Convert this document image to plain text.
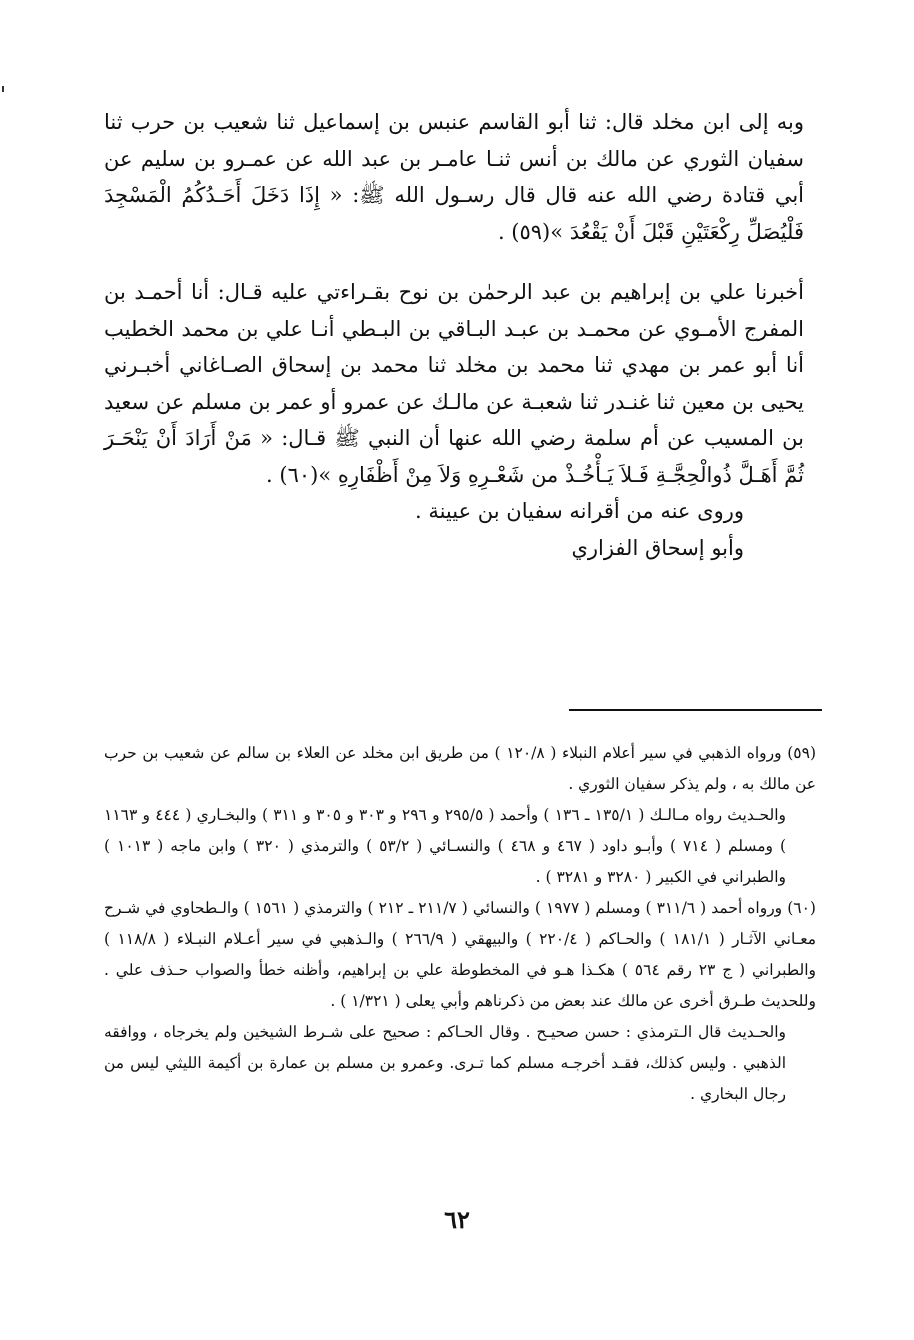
وبه إلى ابن مخلد قال: ثنا أبو القاسم عنبس بن إسماعيل ثنا شعيب بن حرب ثنا سفيان الثوري عن مالك بن أنس ثنـا عامـر بن عبد الله عن عمـرو بن سليم عن أبي قتادة رضي الله عنه قال قال رسـول الله ﷺ: « إِذَا دَخَلَ أَحَـدُكُمُ الْمَسْجِدَ فَلْيُصَلِّ رِكْعَتَيْنِ قَبْلَ أَنْ يَقْعُدَ »(٥٩) .

أخبرنا علي بن إبراهيم بن عبد الرحمٰن بن نوح بقـراءتي عليه قـال: أنا أحمـد بن المفرج الأمـوي عن محمـد بن عبـد البـاقي بن البـطي أنـا علي بن محمد الخطيب أنا أبو عمر بن مهدي ثنا محمد بن مخلد ثنا محمد بن إسحاق الصـاغاني أخبـرني يحيى بن معين ثنا غنـدر ثنا شعبـة عن مالـك عن عمرو أو عمر بن مسلم عن سعيد بن المسيب عن أم سلمة رضي الله عنها أن النبي ﷺ قـال: « مَنْ أَرَادَ أَنْ يَنْحَـرَ ثُمَّ أَهَـلَّ ذُوالْحِجَّـةِ فَـلاَ يَـأْخُـذْ من شَعْـرِهِ وَلاَ مِنْ أَظْفَارِهِ »(٦٠) .

وروى عنه من أقرانه سفيان بن عيينة .

وأبو إسحاق الفزاري

(٥٩) ورواه الذهبي في سير أعلام النبلاء ( ١٢٠/٨ ) من طريق ابن مخلد عن العلاء بن سالم عن شعيب بن حرب عن مالك به ، ولم يذكر سفيان الثوري .

والحـديث رواه مـالـك ( ١٣٥/١ ـ ١٣٦ ) وأحمد ( ٢٩٥/٥ و ٢٩٦ و ٣٠٣ و ٣٠٥ و ٣١١ ) والبخـاري ( ٤٤٤ و ١١٦٣ ) ومسلم ( ٧١٤ ) وأبـو داود ( ٤٦٧ و ٤٦٨ ) والنسـائي ( ٥٣/٢ ) والترمذي ( ٣٢٠ ) وابن ماجه ( ١٠١٣ ) والطبراني في الكبير ( ٣٢٨٠ و ٣٢٨١ ) .

(٦٠) ورواه أحمد ( ٣١١/٦ ) ومسلم ( ١٩٧٧ ) والنسائي ( ٢١١/٧ ـ ٢١٢ ) والترمذي ( ١٥٦١ ) والـطحاوي في شـرح معـاني الآثـار ( ١٨١/١ ) والحـاكم ( ٢٢٠/٤ ) والبيهقي ( ٢٦٦/٩ ) والـذهبي في سير أعـلام النبـلاء ( ١١٨/٨ ) والطبراني ( ج ٢٣ رقم ٥٦٤ ) هكـذا هـو في المخطوطة علي بن إبراهيم، وأظنه خطأ والصواب حـذف علي . وللحديث طـرق أخرى عن مالك عند بعض من ذكرناهم وأبي يعلى ( ١/٣٢١ ) .

والحـديث قال الـترمذي : حسن صحيـح . وقال الحـاكم : صحيح على شـرط الشيخين ولم يخرجاه ، ووافقه الذهبي . وليس كذلك، فقـد أخرجـه مسلم كما تـرى. وعمرو بن مسلم بن عمارة بن أكيمة الليثي ليس من رجال البخاري .

٦٢
